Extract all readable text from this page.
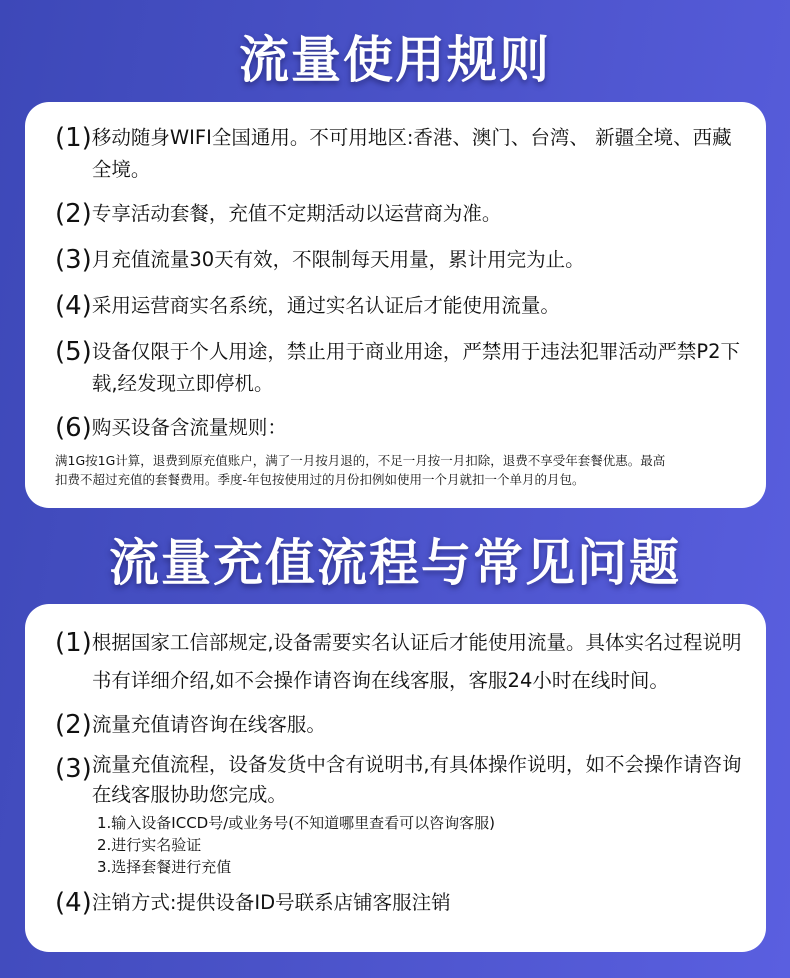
流量使用规则
(1) 移动随身WIFI全国通用。不可用地区:香港、澳门、台湾、 新疆全境、西藏全境。
(2) 专享活动套餐，充值不定期活动以运营商为准。
(3) 月充值流量30天有效，不限制每天用量，累计用完为止。
(4) 采用运营商实名系统，通过实名认证后才能使用流量。
(5) 设备仅限于个人用途，禁止用于商业用途，严禁用于违法犯罪活动严禁P2下载,经发现立即停机。
(6) 购买设备含流量规则：
满1G按1G计算，退费到原充值账户，满了一月按月退的，不足一月按一月扣除，退费不享受年套餐优惠。最高扣费不超过充值的套餐费用。季度-年包按使用过的月份扣例如使用一个月就扣一个单月的月包。
流量充值流程与常见问题
(1) 根据国家工信部规定,设备需要实名认证后才能使用流量。具体实名过程说明书有详细介绍,如不会操作请咨询在线客服，客服24小时在线时间。
(2) 流量充值请咨询在线客服。
(3) 流量充值流程，设备发货中含有说明书,有具体操作说明，如不会操作请咨询在线客服协助您完成。
1.输入设备ICCD号/或业务号(不知道哪里查看可以咨询客服)
2.进行实名验证
3.选择套餐进行充值
(4) 注销方式:提供设备ID号联系店铺客服注销
